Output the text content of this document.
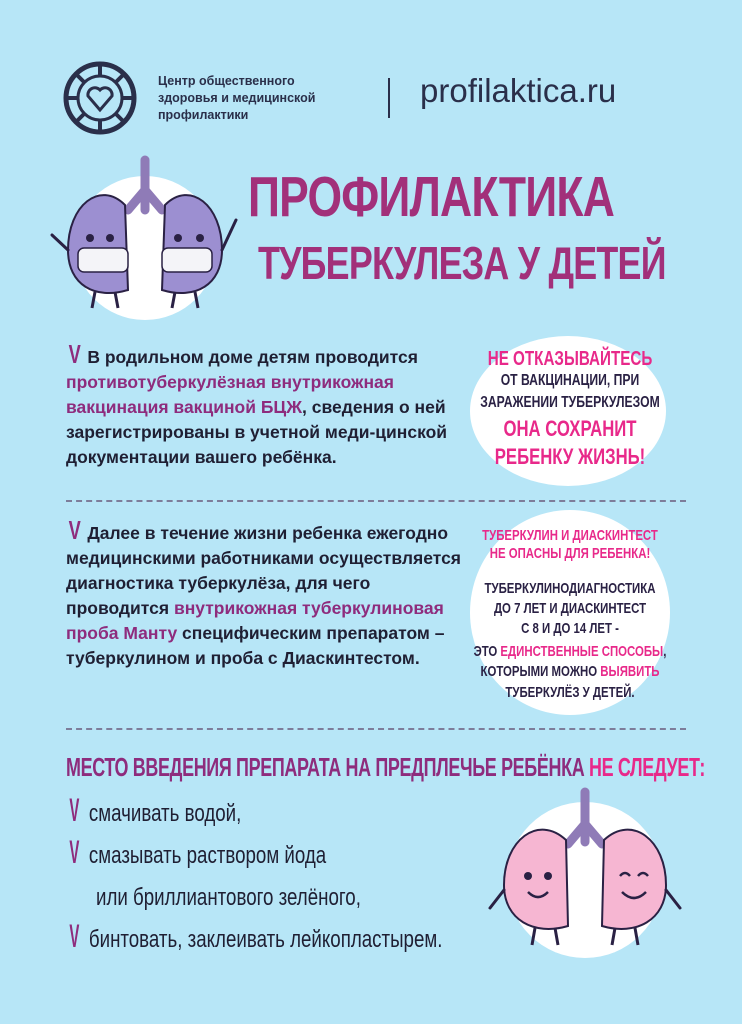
Центр общественного
здоровья и медицинской
профилактики
profilaktica.ru
ПРОФИЛАКТИКА
ТУБЕРКУЛЕЗА У ДЕТЕЙ
V В родильном доме детям проводится противотуберкулёзная внутрикожная вакцинация вакциной БЦЖ, сведения о ней зарегистрированы в учетной меди-цинской документации вашего ребёнка.
НЕ ОТКАЗЫВАЙТЕСЬ
ОТ ВАКЦИНАЦИИ, ПРИ
ЗАРАЖЕНИИ ТУБЕРКУЛЕЗОМ
ОНА СОХРАНИТ
РЕБЕНКУ ЖИЗНЬ!
V Далее в течение жизни ребенка ежегодно медицинскими работниками осуществляется диагностика туберкулёза, для чего проводится внутрикожная туберкулиновая проба Манту специфическим препаратом – туберкулином и проба с Диаскинтестом.
ТУБЕРКУЛИН И ДИАСКИНТЕСТ
НЕ ОПАСНЫ ДЛЯ РЕБЕНКА!
ТУБЕРКУЛИНОДИАГНОСТИКА
ДО 7 ЛЕТ И ДИАСКИНТЕСТ
С 8 И ДО 14 ЛЕТ -
ЭТО ЕДИНСТВЕННЫЕ СПОСОБЫ,
КОТОРЫМИ МОЖНО ВЫЯВИТЬ
ТУБЕРКУЛЁЗ У ДЕТЕЙ.
МЕСТО ВВЕДЕНИЯ ПРЕПАРАТА НА ПРЕДПЛЕЧЬЕ РЕБЁНКА НЕ СЛЕДУЕТ:
V смачивать водой,
V смазывать раствором йода
или бриллиантового зелёного,
V бинтовать, заклеивать лейкопластырем.
